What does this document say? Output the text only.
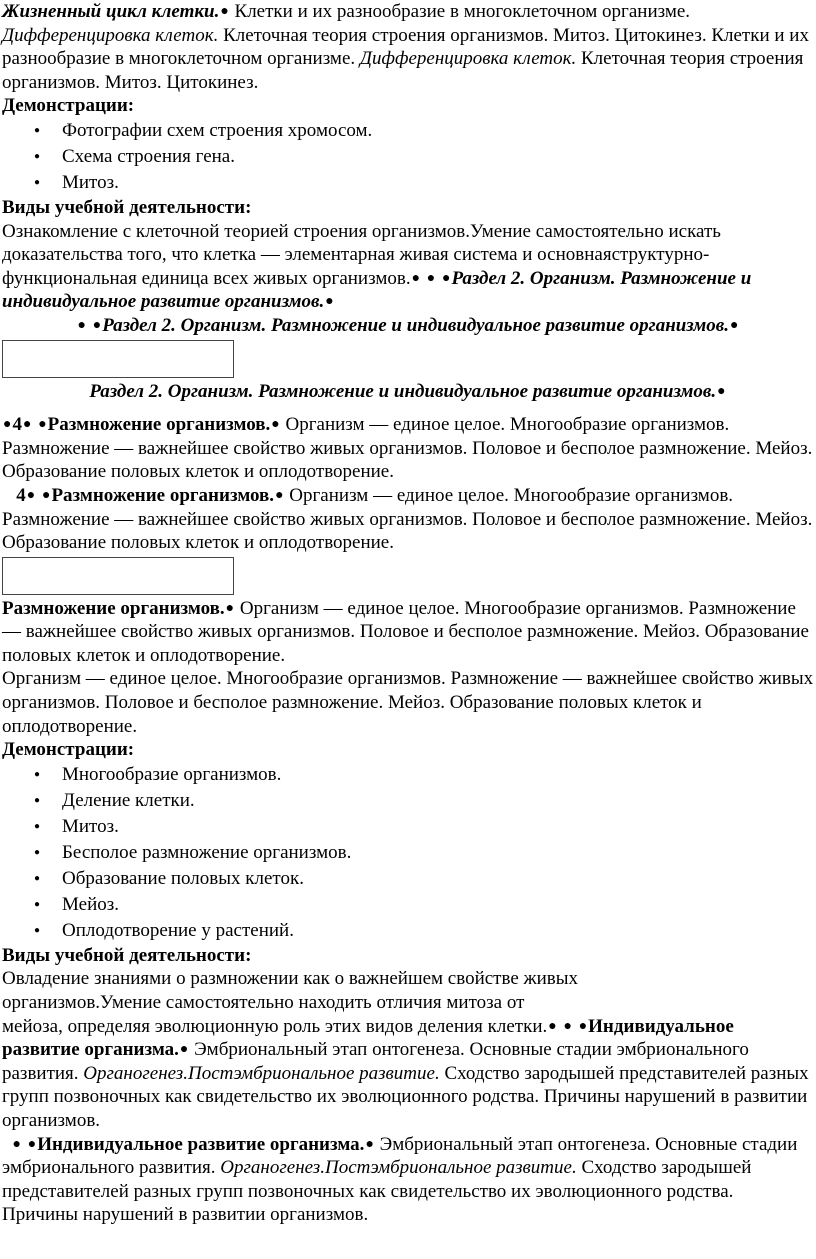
Жизненный цикл клетки.● Клетки и их разнообразие в многоклеточном организме. Дифференцировка клеток. Клеточная теория строения организмов. Митоз. Цитокинез. Клетки и их разнообразие в многоклеточном организме. Дифференцировка клеток. Клеточная теория строения организмов. Митоз. Цитокинез.

Демонстрации:

● Фотографии схем строения хромосом.
● Схема строения гена.
● Митоз.

Виды учебной деятельности:

Ознакомление с клеточной теорией строения организмов.Умение самостоятельно искать доказательства того, что клетка — элементарная живая система и основнаяструктурно-функциональная единица всех живых организмов.● ● ●Раздел 2. Организм. Размножение и индивидуальное развитие организмов.●

● ●Раздел 2. Организм. Размножение и индивидуальное развитие организмов.●

Раздел 2. Организм. Размножение и индивидуальное развитие организмов.●

●4● ●Размножение организмов.● Организм — единое целое. Многообразие организмов. Размножение — важнейшее свойство живых организмов. Половое и бесполое размножение. Мейоз. Образование половых клеток и оплодотворение.

4● ●Размножение организмов.● Организм — единое целое. Многообразие организмов. Размножение — важнейшее свойство живых организмов. Половое и бесполое размножение. Мейоз. Образование половых клеток и оплодотворение.

Размножение организмов.● Организм — единое целое. Многообразие организмов. Размножение — важнейшее свойство живых организмов. Половое и бесполое размножение. Мейоз. Образование половых клеток и оплодотворение.

Организм — единое целое. Многообразие организмов. Размножение — важнейшее свойство живых организмов. Половое и бесполое размножение. Мейоз. Образование половых клеток и оплодотворение.

Демонстрации:

● Многообразие организмов.
● Деление клетки.
● Митоз.
● Бесполое размножение организмов.
● Образование половых клеток.
● Мейоз.
● Оплодотворение у растений.

Виды учебной деятельности:

Овладение знаниями о размножении как о важнейшем свойстве живых

организмов.Умение самостоятельно находить отличия митоза от

мейоза, определяя эволюционную роль этих видов деления клетки.● ● ●Индивидуальное

развитие организма.● Эмбриональный этап онтогенеза. Основные стадии эмбрионального развития. Органогенез.Постэмбриональное развитие. Сходство зародышей представителей разных групп позвоночных как свидетельство их эволюционного родства. Причины нарушений в развитии организмов.

● ●Индивидуальное развитие организма.● Эмбриональный этап онтогенеза. Основные стадии эмбрионального развития. Органогенез.Постэмбриональное развитие. Сходство зародышей представителей разных групп позвоночных как свидетельство их эволюционного родства. Причины нарушений в развитии организмов.
